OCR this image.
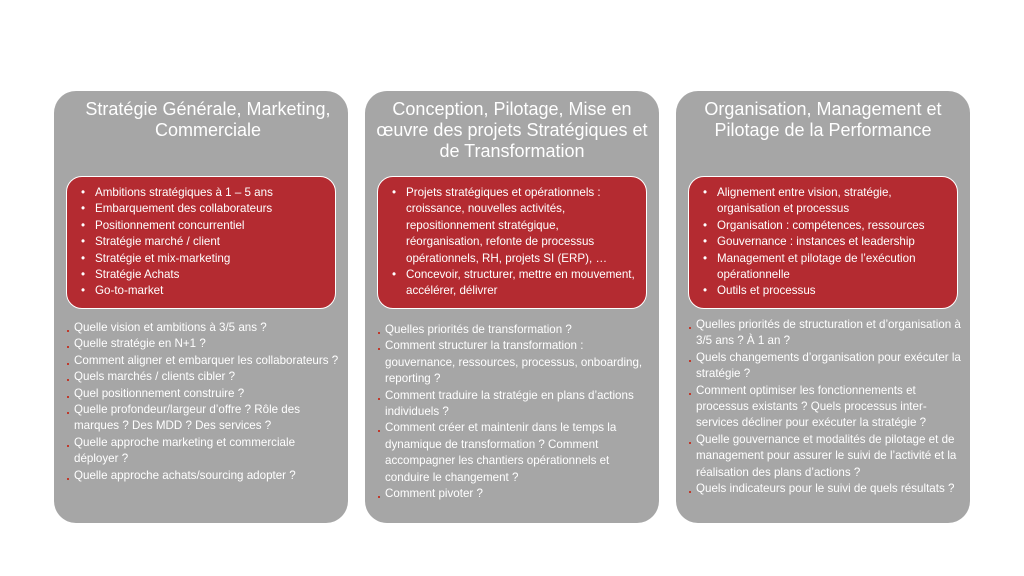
Stratégie Générale, Marketing, Commerciale
• Ambitions stratégiques à 1 – 5 ans
• Embarquement des collaborateurs
• Positionnement concurrentiel
• Stratégie marché / client
• Stratégie et mix-marketing
• Stratégie Achats
• Go-to-market
Quelle vision et ambitions à 3/5 ans ?
Quelle stratégie en N+1 ?
Comment aligner et embarquer les collaborateurs ?
Quels marchés / clients cibler ?
Quel positionnement construire ?
Quelle profondeur/largeur d’offre ? Rôle des marques ? Des MDD ? Des services ?
Quelle approche marketing et commerciale déployer ?
Quelle approche achats/sourcing adopter ?
Conception, Pilotage, Mise en œuvre des projets Stratégiques et de Transformation
• Projets stratégiques et opérationnels : croissance, nouvelles activités, repositionnement stratégique, réorganisation, refonte de processus opérationnels, RH, projets SI (ERP), …
• Concevoir, structurer, mettre en mouvement, accélérer, délivrer
Quelles priorités de transformation ?
Comment structurer la transformation : gouvernance, ressources, processus, onboarding, reporting ?
Comment traduire la stratégie en plans d’actions individuels ?
Comment créer et maintenir dans le temps la dynamique de transformation ? Comment accompagner les chantiers opérationnels et conduire le changement ?
Comment pivoter ?
Organisation, Management et Pilotage de la Performance
• Alignement entre vision, stratégie, organisation et processus
• Organisation : compétences, ressources
• Gouvernance : instances et leadership
• Management et pilotage de l’exécution opérationnelle
• Outils et processus
Quelles priorités de structuration et d’organisation à 3/5 ans ? À 1 an ?
Quels changements d’organisation pour exécuter la stratégie ?
Comment optimiser les fonctionnements et processus existants ? Quels processus inter-services décliner pour exécuter la stratégie ?
Quelle gouvernance et modalités de pilotage et de management pour assurer le suivi de l’activité et la réalisation des plans d’actions ?
Quels indicateurs pour le suivi de quels résultats ?
